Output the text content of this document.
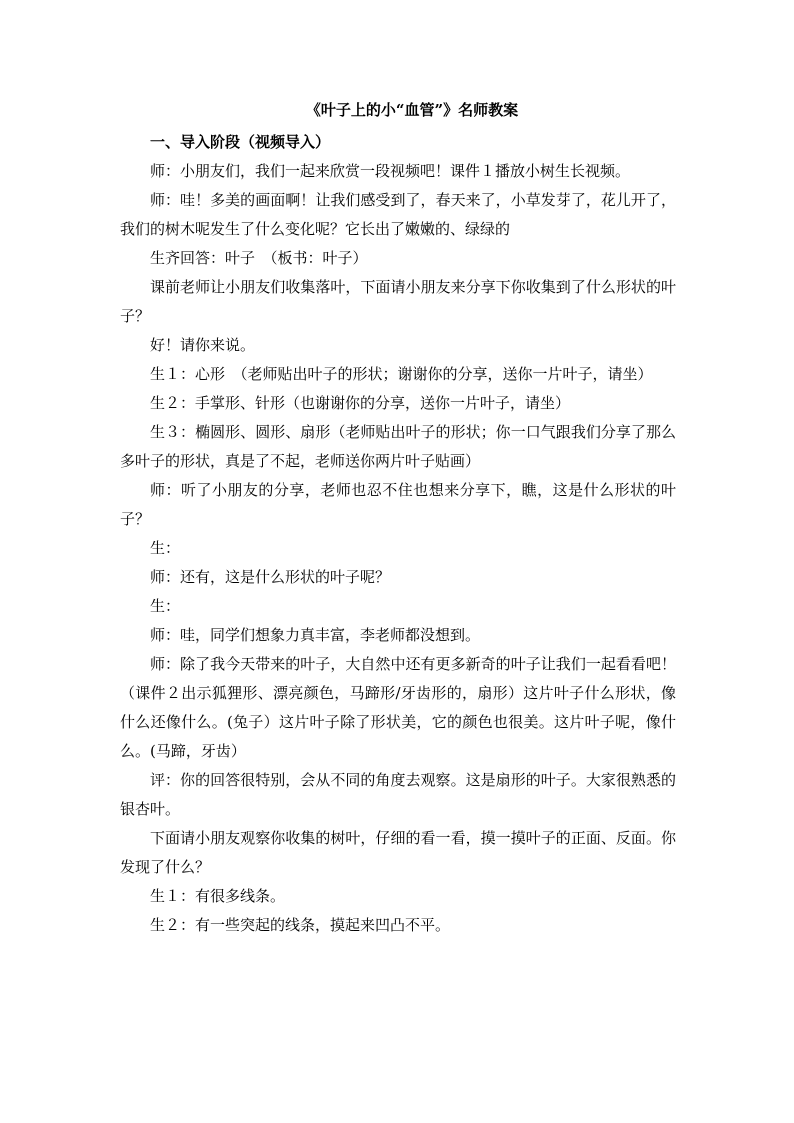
《叶子上的小“血管”》名师教案
一、导入阶段（视频导入）

师：小朋友们，我们一起来欣赏一段视频吧！课件１播放小树生长视频。

师：哇！多美的画面啊！让我们感受到了，春天来了，小草发芽了，花儿开了，我们的树木呢发生了什么变化呢？它长出了嫩嫩的、绿绿的

生齐回答：叶子　（板书：叶子）

课前老师让小朋友们收集落叶，下面请小朋友来分享下你收集到了什么形状的叶子？

好！请你来说。

生１：心形　（老师贴出叶子的形状；谢谢你的分享，送你一片叶子，请坐）

生２：手掌形、针形（也谢谢你的分享，送你一片叶子，请坐）

生３：椭圆形、圆形、扇形（老师贴出叶子的形状；你一口气跟我们分享了那么多叶子的形状，真是了不起，老师送你两片叶子贴画）

师：听了小朋友的分享，老师也忍不住也想来分享下，瞧，这是什么形状的叶子？

生：

师：还有，这是什么形状的叶子呢？

生：

师：哇，同学们想象力真丰富，李老师都没想到。

师：除了我今天带来的叶子，大自然中还有更多新奇的叶子让我们一起看看吧！（课件２出示狐狸形、漂亮颜色，马蹄形/牙齿形的，扇形）这片叶子什么形状，像什么还像什么。(兔子）这片叶子除了形状美，它的颜色也很美。这片叶子呢，像什么。(马蹄，牙齿）

评：你的回答很特别，会从不同的角度去观察。这是扇形的叶子。大家很熟悉的银杏叶。

下面请小朋友观察你收集的树叶，仔细的看一看，摸一摸叶子的正面、反面。你发现了什么？

生１：有很多线条。

生２：有一些突起的线条，摸起来凹凸不平。
